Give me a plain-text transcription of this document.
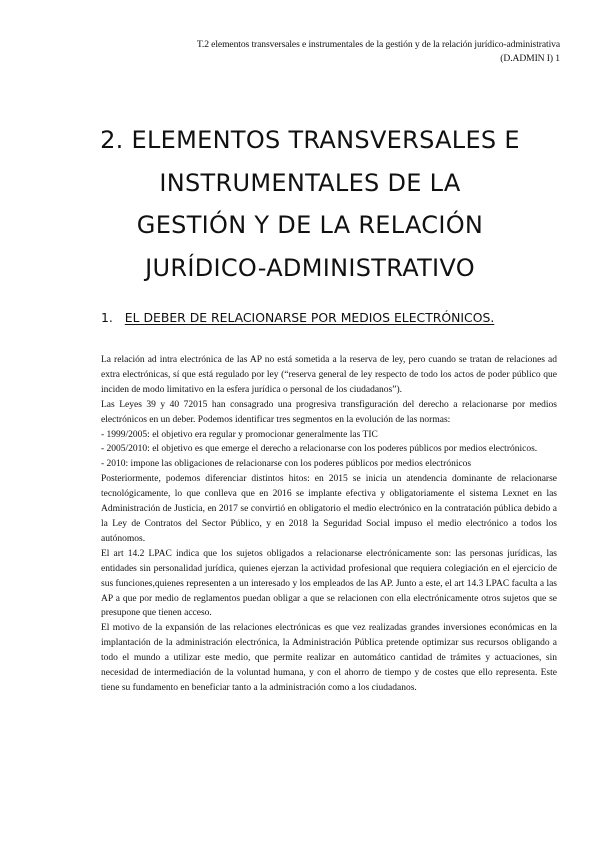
T.2 elementos transversales e instrumentales de la gestión y de la relación jurídico-administrativa
(D.ADMIN I) 1
2. ELEMENTOS TRANSVERSALES E
INSTRUMENTALES DE LA
GESTIÓN Y DE LA RELACIÓN
JURÍDICO-ADMINISTRATIVO
1. EL DEBER DE RELACIONARSE POR MEDIOS ELECTRÓNICOS.

La relación ad intra electrónica de las AP no está sometida a la reserva de ley, pero cuando se tratan de relaciones ad extra electrónicas, sí que está regulado por ley (“reserva general de ley respecto de todo los actos de poder público que inciden de modo limitativo en la esfera jurídica o personal de los ciudadanos”).

Las Leyes 39 y 40 72015 han consagrado una progresiva transfiguración del derecho a relacionarse por medios electrónicos en un deber. Podemos identificar tres segmentos en la evolución de las normas:

- 1999/2005: el objetivo era regular y promocionar generalmente las TIC

- 2005/2010: el objetivo es que emerge el derecho a relacionarse con los poderes públicos por medios electrónicos.

- 2010: impone las obligaciones de relacionarse con los poderes públicos por medios electrónicos

Posteriormente, podemos diferenciar distintos hitos: en 2015 se inicia un atendencia dominante de relacionarse tecnológicamente, lo que conlleva que en 2016 se implante efectiva y obligatoriamente el sistema Lexnet en las Administración de Justicia, en 2017 se convirtió en obligatorio el medio electrónico en la contratación pública debido a la Ley de Contratos del Sector Público, y en 2018 la Seguridad Social impuso el medio electrónico a todos los autónomos.

El art 14.2 LPAC indica que los sujetos obligados a relacionarse electrónicamente son: las personas jurídicas, las entidades sin personalidad jurídica, quienes ejerzan la actividad profesional que requiera colegiación en el ejercicio de sus funciones,quienes representen a un interesado y los empleados de las AP. Junto a este, el art 14.3 LPAC faculta a las AP a que por medio de reglamentos puedan obligar a que se relacionen con ella electrónicamente otros sujetos que se presupone que tienen acceso.

El motivo de la expansión de las relaciones electrónicas es que vez realizadas grandes inversiones económicas en la implantación de la administración electrónica, la Administración Pública pretende optimizar sus recursos obligando a todo el mundo a utilizar este medio, que permite realizar en automático cantidad de trámites y actuaciones, sin necesidad de intermediación de la voluntad humana, y con el ahorro de tiempo y de costes que ello representa. Este tiene su fundamento en beneficiar tanto a la administración como a los ciudadanos.
